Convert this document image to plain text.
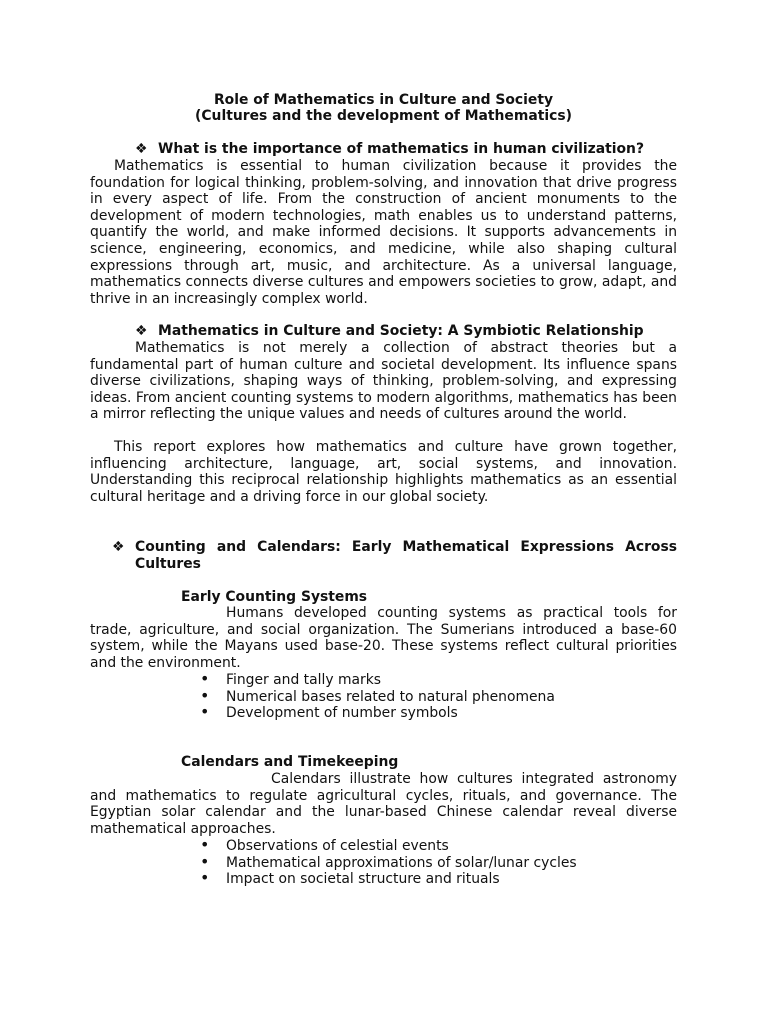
Role of Mathematics in Culture and Society

(Cultures and the development of Mathematics)

❖ What is the importance of mathematics in human civilization?

Mathematics is essential to human civilization because it provides the foundation for logical thinking, problem-solving, and innovation that drive progress in every aspect of life. From the construction of ancient monuments to the development of modern technologies, math enables us to understand patterns, quantify the world, and make informed decisions. It supports advancements in science, engineering, economics, and medicine, while also shaping cultural expressions through art, music, and architecture. As a universal language, mathematics connects diverse cultures and empowers societies to grow, adapt, and thrive in an increasingly complex world.

❖ Mathematics in Culture and Society: A Symbiotic Relationship

Mathematics is not merely a collection of abstract theories but a fundamental part of human culture and societal development. Its influence spans diverse civilizations, shaping ways of thinking, problem-solving, and expressing ideas. From ancient counting systems to modern algorithms, mathematics has been a mirror reflecting the unique values and needs of cultures around the world.

This report explores how mathematics and culture have grown together, influencing architecture, language, art, social systems, and innovation. Understanding this reciprocal relationship highlights mathematics as an essential cultural heritage and a driving force in our global society.

❖ Counting and Calendars: Early Mathematical Expressions Across
Cultures

Early Counting Systems

Humans developed counting systems as practical tools for trade, agriculture, and social organization. The Sumerians introduced a base-60 system, while the Mayans used base-20. These systems reflect cultural priorities and the environment.

•	Finger and tally marks
•	Numerical bases related to natural phenomena
•	Development of number symbols

Calendars and Timekeeping

Calendars illustrate how cultures integrated astronomy and mathematics to regulate agricultural cycles, rituals, and governance. The Egyptian solar calendar and the lunar-based Chinese calendar reveal diverse mathematical approaches.

•	Observations of celestial events
•	Mathematical approximations of solar/lunar cycles
•	Impact on societal structure and rituals
